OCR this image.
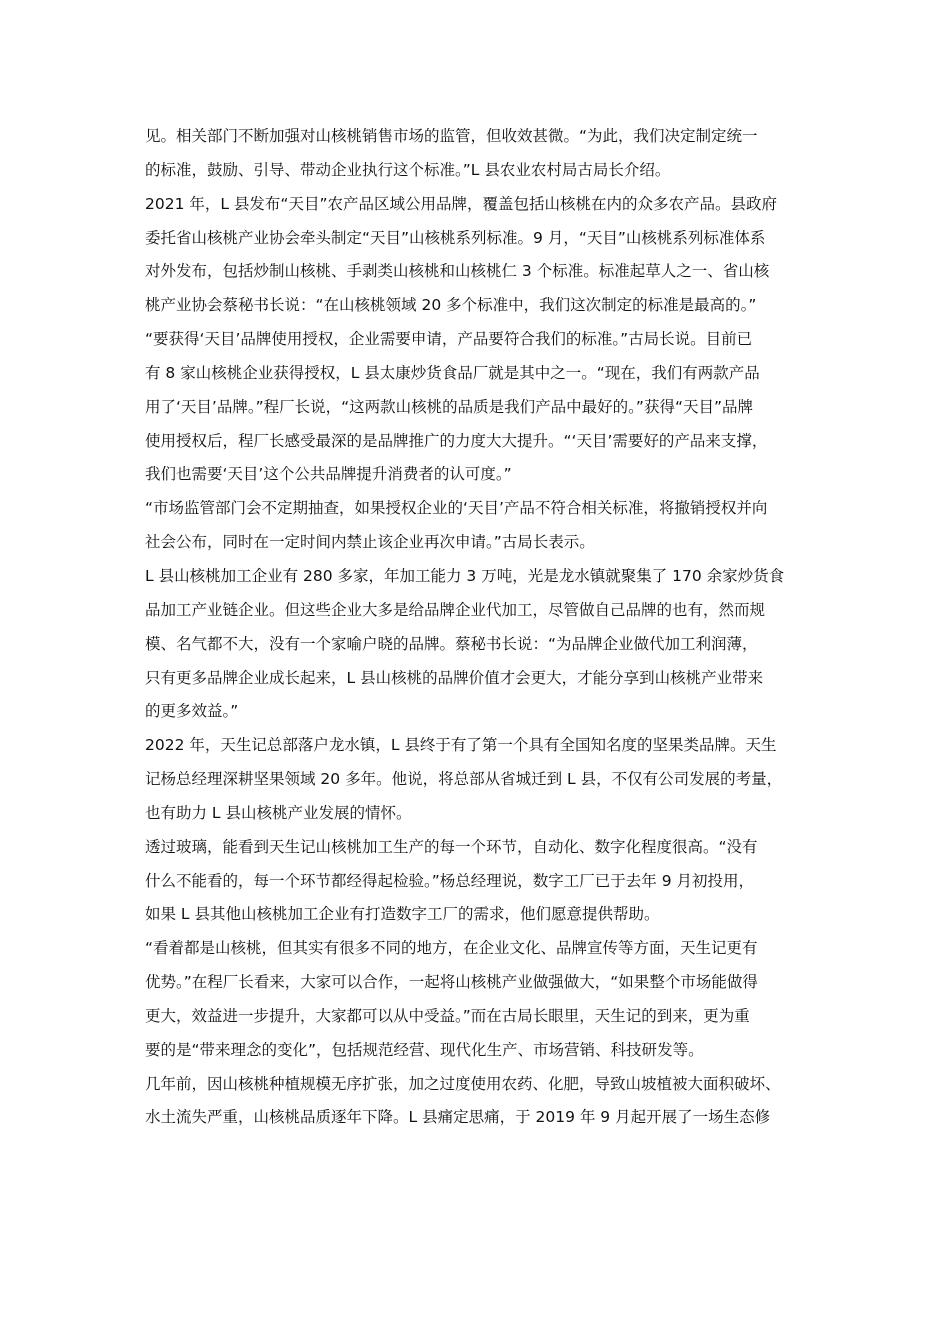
见。相关部门不断加强对山核桃销售市场的监管，但收效甚微。“为此，我们决定制定统一
的标准，鼓励、引导、带动企业执行这个标准。”L 县农业农村局古局长介绍。
2021 年，L 县发布“天目”农产品区域公用品牌，覆盖包括山核桃在内的众多农产品。县政府
委托省山核桃产业协会牵头制定“天目”山核桃系列标准。9 月，“天目”山核桃系列标准体系
对外发布，包括炒制山核桃、手剥类山核桃和山核桃仁 3 个标准。标准起草人之一、省山核
桃产业协会蔡秘书长说：“在山核桃领域 20 多个标准中，我们这次制定的标准是最高的。”
“要获得‘天目’品牌使用授权，企业需要申请，产品要符合我们的标准。”古局长说。目前已
有 8 家山核桃企业获得授权，L 县太康炒货食品厂就是其中之一。“现在，我们有两款产品
用了‘天目’品牌。”程厂长说，“这两款山核桃的品质是我们产品中最好的。”获得“天目”品牌
使用授权后，程厂长感受最深的是品牌推广的力度大大提升。“‘天目’需要好的产品来支撑，
我们也需要‘天目’这个公共品牌提升消费者的认可度。”
“市场监管部门会不定期抽查，如果授权企业的‘天目’产品不符合相关标准，将撤销授权并向
社会公布，同时在一定时间内禁止该企业再次申请。”古局长表示。
L 县山核桃加工企业有 280 多家，年加工能力 3 万吨，光是龙水镇就聚集了 170 余家炒货食
品加工产业链企业。但这些企业大多是给品牌企业代加工，尽管做自己品牌的也有，然而规
模、名气都不大，没有一个家喻户晓的品牌。蔡秘书长说：“为品牌企业做代加工利润薄，
只有更多品牌企业成长起来，L 县山核桃的品牌价值才会更大，才能分享到山核桃产业带来
的更多效益。”
2022 年，天生记总部落户龙水镇，L 县终于有了第一个具有全国知名度的坚果类品牌。天生
记杨总经理深耕坚果领域 20 多年。他说，将总部从省城迁到 L 县，不仅有公司发展的考量，
也有助力 L 县山核桃产业发展的情怀。
透过玻璃，能看到天生记山核桃加工生产的每一个环节，自动化、数字化程度很高。“没有
什么不能看的，每一个环节都经得起检验。”杨总经理说，数字工厂已于去年 9 月初投用，
如果 L 县其他山核桃加工企业有打造数字工厂的需求，他们愿意提供帮助。
“看着都是山核桃，但其实有很多不同的地方，在企业文化、品牌宣传等方面，天生记更有
优势。”在程厂长看来，大家可以合作，一起将山核桃产业做强做大，“如果整个市场能做得
更大，效益进一步提升，大家都可以从中受益。”而在古局长眼里，天生记的到来，更为重
要的是“带来理念的变化”，包括规范经营、现代化生产、市场营销、科技研发等。
几年前，因山核桃种植规模无序扩张，加之过度使用农药、化肥，导致山坡植被大面积破坏、
水土流失严重，山核桃品质逐年下降。L 县痛定思痛，于 2019 年 9 月起开展了一场生态修
